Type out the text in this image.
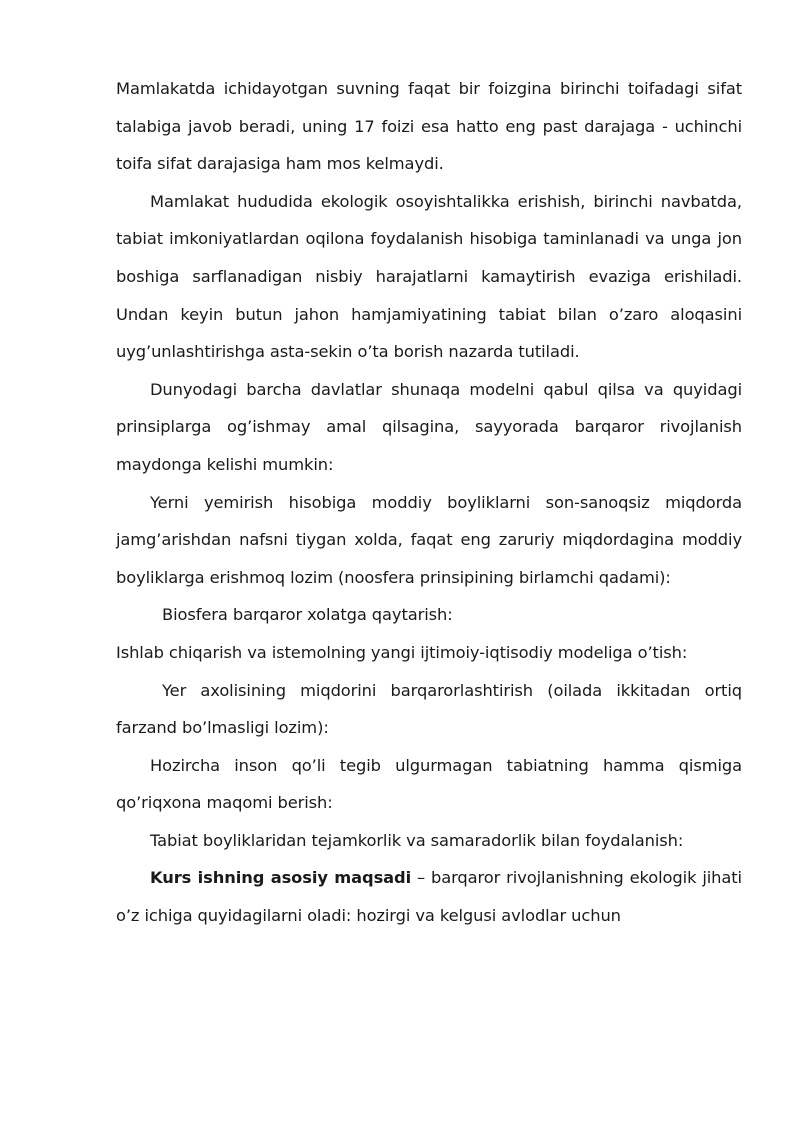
Mamlakatda ichidayotgan suvning faqat bir foizgina birinchi toifadagi sifat talabiga javob beradi, uning 17 foizi esa hatto eng past darajaga - uchinchi toifa sifat darajasiga ham mos kelmaydi.

Mamlakat hududida ekologik osoyishtalikka erishish, birinchi navbatda, tabiat imkoniyatlardan oqilona foydalanish hisobiga taminlanadi va unga jon boshiga sarflanadigan nisbiy harajatlarni kamaytirish evaziga erishiladi. Undan keyin butun jahon hamjamiyatining tabiat bilan o’zaro aloqasini uyg’unlashtirishga asta-sekin o’ta borish nazarda tutiladi.

Dunyodagi barcha davlatlar shunaqa modelni qabul qilsa va quyidagi prinsiplarga og’ishmay amal qilsagina, sayyorada barqaror rivojlanish maydonga kelishi mumkin:

Yerni yemirish hisobiga moddiy boyliklarni son-sanoqsiz miqdorda jamg’arishdan nafsni tiygan xolda, faqat eng zaruriy miqdordagina moddiy boyliklarga erishmoq lozim (noosfera prinsipining birlamchi qadami):

Biosfera barqaror xolatga qaytarish:

Ishlab chiqarish va istemolning yangi ijtimoiy-iqtisodiy modeliga o’tish:

Yer axolisining miqdorini barqarorlashtirish (oilada ikkitadan ortiq farzand bo’lmasligi lozim):

Hozircha inson qo’li tegib ulgurmagan tabiatning hamma qismiga qo’riqxona maqomi berish:

Tabiat boyliklaridan tejamkorlik va samaradorlik bilan foydalanish:

Kurs ishning asosiy maqsadi – barqaror rivojlanishning ekologik jihati o’z ichiga quyidagilarni oladi: hozirgi va kelgusi avlodlar uchun
